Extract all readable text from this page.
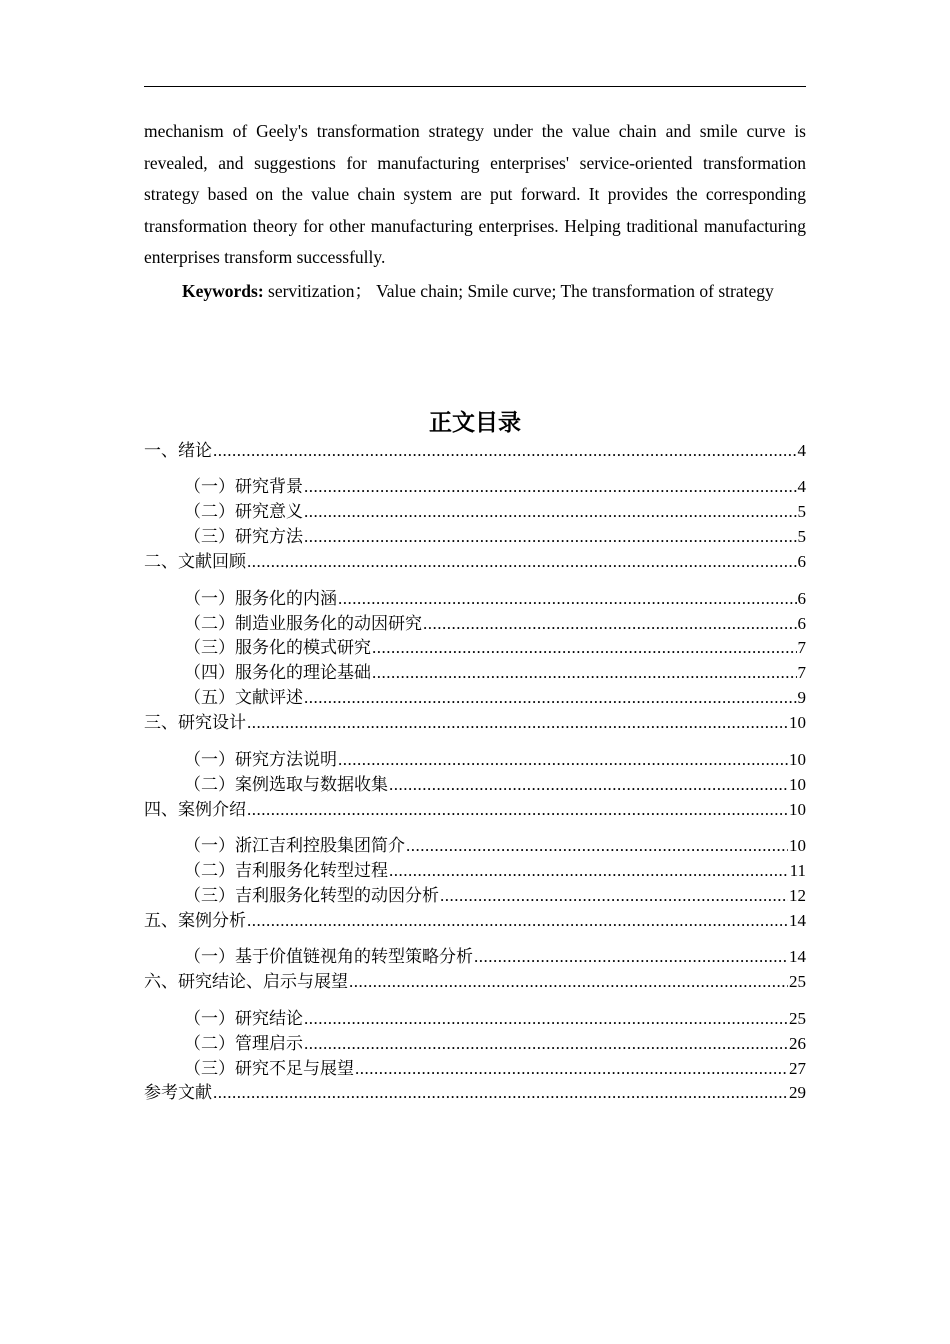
mechanism of Geely's transformation strategy under the value chain and smile curve is revealed, and suggestions for manufacturing enterprises' service-oriented transformation strategy based on the value chain system are put forward. It provides the corresponding transformation theory for other manufacturing enterprises. Helping traditional manufacturing enterprises transform successfully.

Keywords: servitization； Value chain; Smile curve; The transformation of strategy

正文目录
一、绪论 .....	4
（一）研究背景 .....	4
（二）研究意义 .....	5
（三）研究方法 .....	5
二、文献回顾 .....	6
（一）服务化的内涵 .....	6
（二）制造业服务化的动因研究 .....	6
（三）服务化的模式研究 .....	7
（四）服务化的理论基础 .....	7
（五）文献评述 .....	9
三、研究设计 .....	10
（一）研究方法说明 .....	10
（二）案例选取与数据收集 .....	10
四、案例介绍 .....	10
（一）浙江吉利控股集团简介 .....	10
（二）吉利服务化转型过程 .....	11
（三）吉利服务化转型的动因分析 .....	12
五、案例分析 .....	14
（一）基于价值链视角的转型策略分析 .....	14
六、研究结论、启示与展望 .....	25
（一）研究结论 .....	25
（二）管理启示 .....	26
（三）研究不足与展望 .....	27
参考文献 .....	29
